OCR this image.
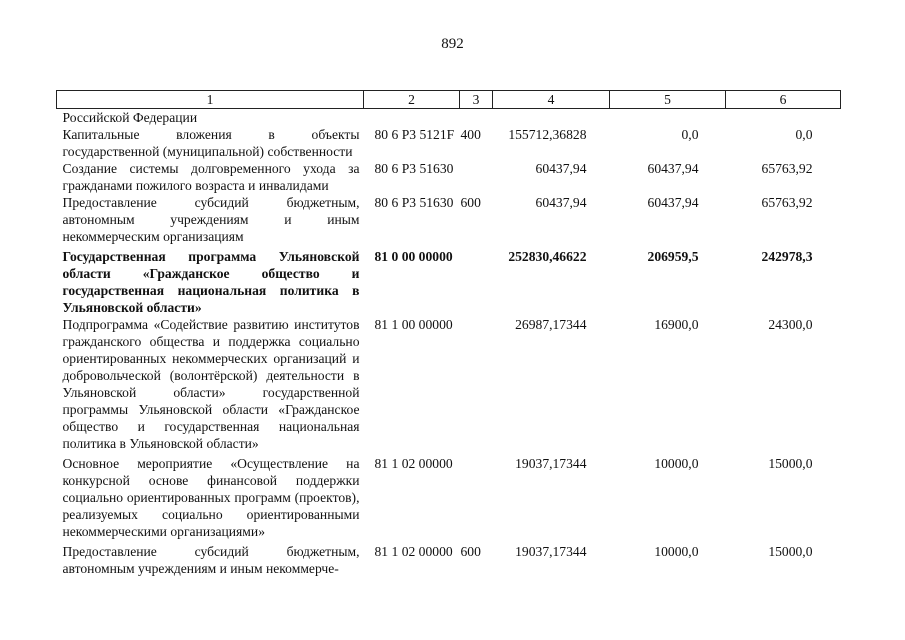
892
1	2	3	4	5	6
Российской Федерации					
Капитальные вложения в объекты государственной (муниципальной) собственности	80 6 Р3 5121F	400	155712,36828	0,0	0,0
Создание системы долговременного ухода за гражданами пожилого возраста и инвалидами	80 6 Р3 51630		60437,94	60437,94	65763,92
Предоставление субсидий бюджетным, автономным учреждениям и иным некоммерческим организациям	80 6 Р3 51630	600	60437,94	60437,94	65763,92
Государственная программа Ульяновской области «Гражданское общество и государственная национальная политика в Ульяновской области»	81 0 00 00000		252830,46622	206959,5	242978,3
Подпрограмма «Содействие развитию институтов гражданского общества и поддержка социально ориентированных некоммерческих организаций и добровольческой (волонтёрской) деятельности в Ульяновской области» государственной программы Ульяновской области «Гражданское общество и государственная национальная политика в Ульяновской области»	81 1 00 00000		26987,17344	16900,0	24300,0
Основное мероприятие «Осуществление на конкурсной основе финансовой поддержки социально ориентированных программ (проектов), реализуемых социально ориентированными некоммерческими организациями»	81 1 02 00000		19037,17344	10000,0	15000,0
Предоставление субсидий бюджетным, автономным учреждениям и иным некоммерче-	81 1 02 00000	600	19037,17344	10000,0	15000,0
